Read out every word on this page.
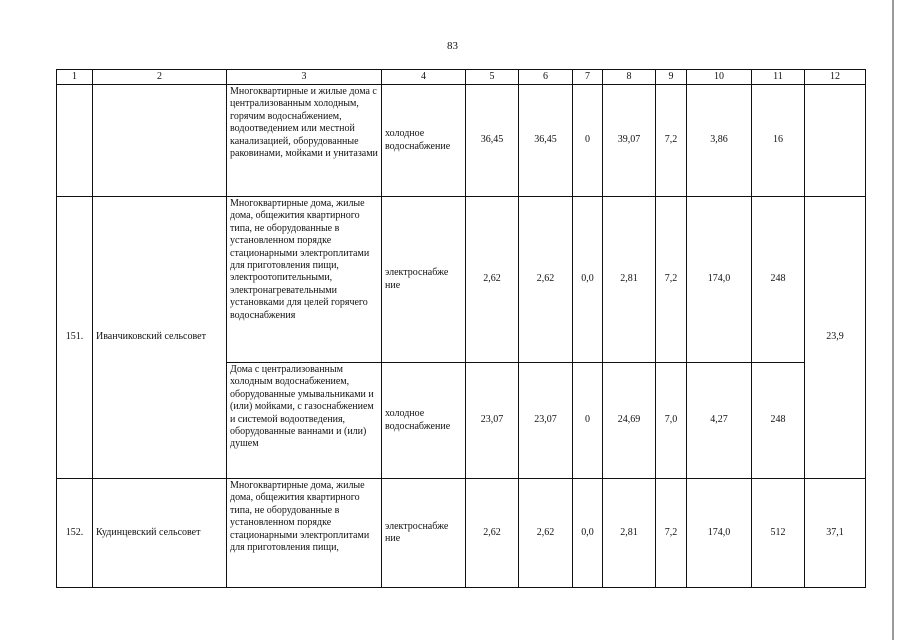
83
1	2	3	4	5	6	7	8	9	10	11	12
		Многоквартирные и жилые дома с централизованным холодным, горячим водоснабжением, водоотведением или местной канализацией, оборудованные раковинами, мойками и унитазами	холодное водоснабжение	36,45	36,45	0	39,07	7,2	3,86	16	
151.	Иванчиковский сельсовет	Многоквартирные дома, жилые дома, общежития квартирного типа, не оборудованные в установленном порядке стационарными электроплитами для приготовления пищи, электроотопительными, электронагревательными установками для целей горячего водоснабжения	электроснабже ние	2,62	2,62	0,0	2,81	7,2	174,0	248	23,9
		Дома с централизованным холодным водоснабжением, оборудованные умывальниками и (или) мойками, с газоснабжением и системой водоотведения, оборудованные ваннами и (или) душем	холодное водоснабжение	23,07	23,07	0	24,69	7,0	4,27	248	
152.	Кудинцевский сельсовет	Многоквартирные дома, жилые дома, общежития квартирного типа, не оборудованные в установленном порядке стационарными электроплитами для приготовления пищи,	электроснабже ние	2,62	2,62	0,0	2,81	7,2	174,0	512	37,1
